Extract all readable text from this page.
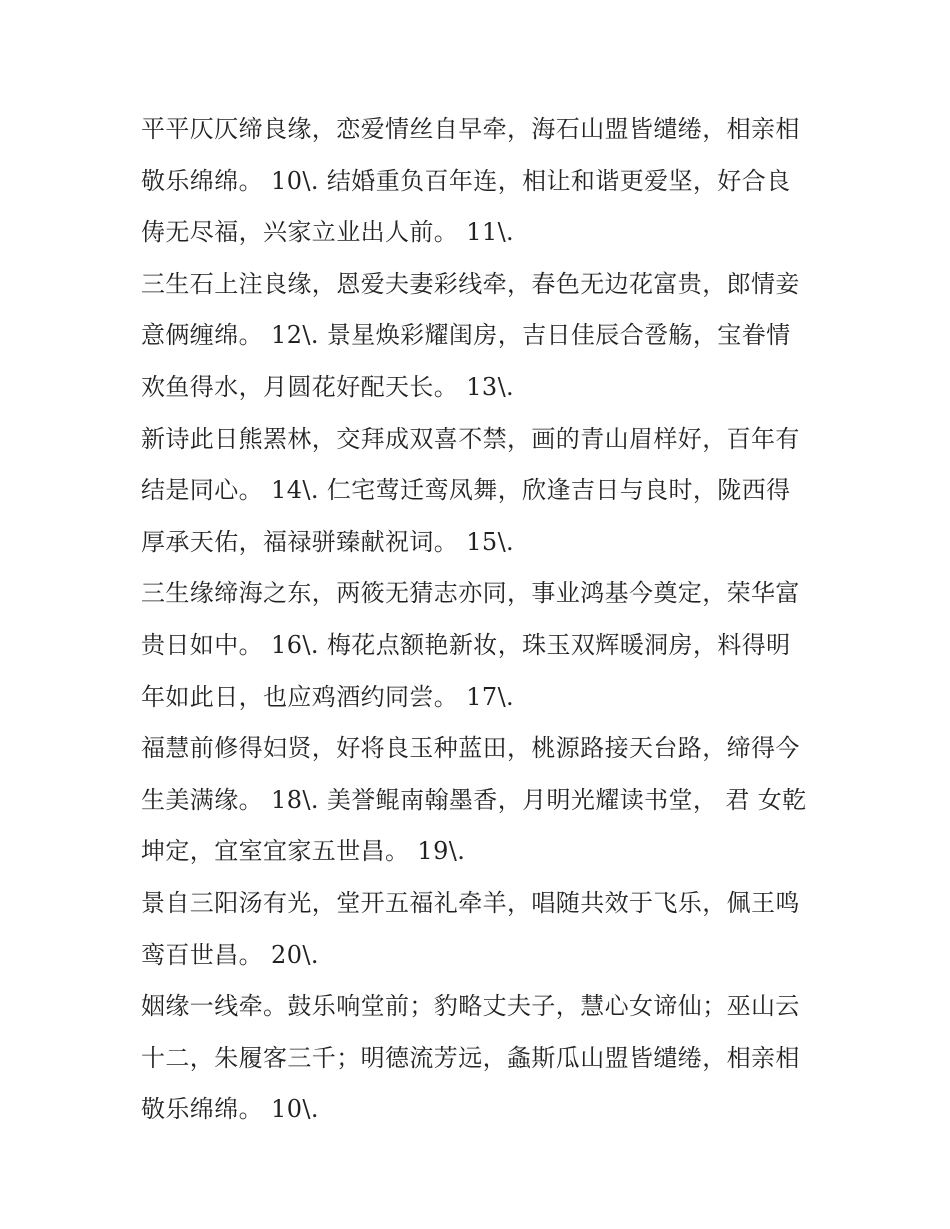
平平仄仄缔良缘，恋爱情丝自早牵，海石山盟皆缱绻，相亲相
敬乐绵绵。 10\. 结婚重负百年连，相让和谐更爱坚，好合良
俦无尽福，兴家立业出人前。 11\.
三生石上注良缘，恩爱夫妻彩线牵，春色无边花富贵，郎情妾
意俩缠绵。 12\. 景星焕彩耀闺房，吉日佳辰合卺觞，宝眷情
欢鱼得水，月圆花好配天长。 13\.
新诗此日熊罴林，交拜成双喜不禁，画的青山眉样好，百年有
结是同心。 14\. 仁宅莺迁鸾凤舞，欣逢吉日与良时，陇西得
厚承天佑，福禄骈臻献祝词。 15\.
三生缘缔海之东，两筱无猜志亦同，事业鸿基今奠定，荣华富
贵日如中。 16\. 梅花点额艳新妆，珠玉双辉暖洞房，料得明
年如此日，也应鸡酒约同尝。 17\.
福慧前修得妇贤，好将良玉种蓝田，桃源路接天台路，缔得今
生美满缘。 18\. 美誉鲲南翰墨香，月明光耀读书堂， 君 女乾
坤定，宜室宜家五世昌。 19\.
景自三阳汤有光，堂开五福礼牵羊，唱随共效于飞乐，佩王鸣
鸾百世昌。 20\.
姻缘一线牵。鼓乐响堂前；豹略丈夫子，慧心女谛仙；巫山云
十二，朱履客三千；明德流芳远，螽斯瓜山盟皆缱绻，相亲相
敬乐绵绵。 10\.
